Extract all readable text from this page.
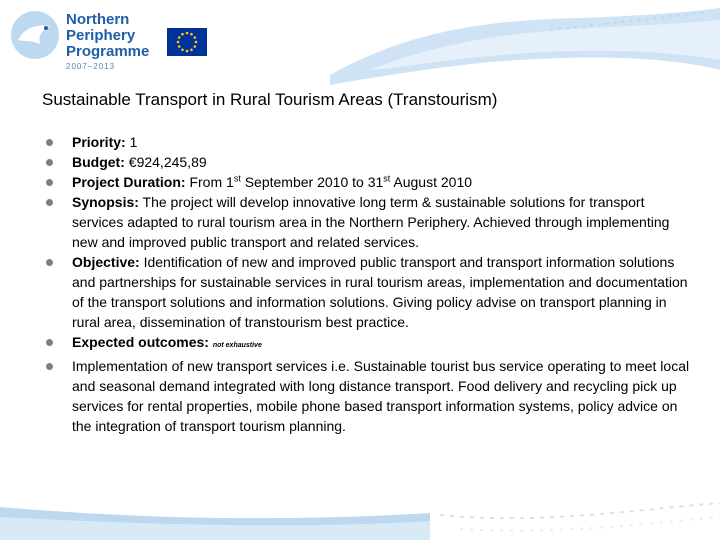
Northern
Periphery
Programme
2007–2013
Sustainable Transport in Rural Tourism Areas (Transtourism)
Priority: 1
Budget: €924,245,89
Project Duration: From 1st September 2010 to 31st August 2010
Synopsis: The project will develop innovative long term & sustainable solutions for transport services adapted to rural tourism area in the Northern Periphery. Achieved through implementing new and improved public transport and related services.
Objective: Identification of new and improved public transport and transport information solutions and partnerships for sustainable services in rural tourism areas, implementation and documentation of the transport solutions and information solutions. Giving policy advise on transport planning in rural area, dissemination of transtourism best practice.
Expected outcomes: not exhaustive
Implementation of new transport services i.e. Sustainable tourist bus service operating to meet local and seasonal demand integrated with long distance transport. Food delivery and recycling pick up services for rental properties, mobile phone based transport information systems, policy advice on the integration of transport tourism planning.
